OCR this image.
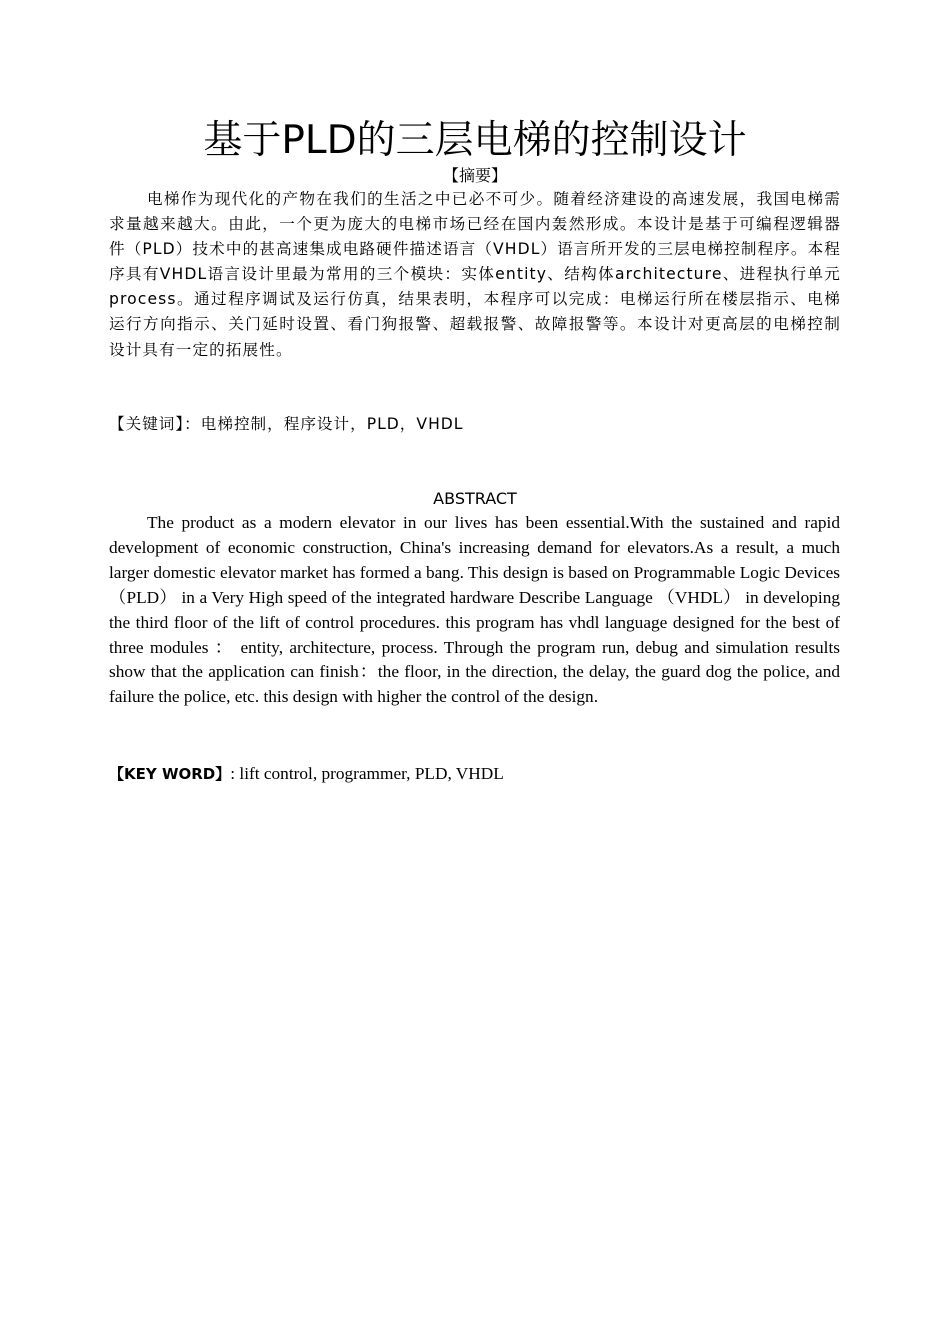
基于PLD的三层电梯的控制设计
【摘要】
电梯作为现代化的产物在我们的生活之中已必不可少。随着经济建设的高速发展，我国电梯需求量越来越大。由此，一个更为庞大的电梯市场已经在国内轰然形成。本设计是基于可编程逻辑器件（PLD）技术中的甚高速集成电路硬件描述语言（VHDL）语言所开发的三层电梯控制程序。本程序具有VHDL语言设计里最为常用的三个模块：实体entity、结构体architecture、进程执行单元process。通过程序调试及运行仿真，结果表明，本程序可以完成：电梯运行所在楼层指示、电梯运行方向指示、关门延时设置、看门狗报警、超载报警、故障报警等。本设计对更高层的电梯控制设计具有一定的拓展性。
【关键词】：电梯控制，程序设计，PLD，VHDL
ABSTRACT
The product as a modern elevator in our lives has been essential.With the sustained and rapid development of economic construction, China's increasing demand for elevators.As a result, a much larger domestic elevator market has formed a bang. This design is based on Programmable Logic Devices （PLD） in a Very High speed of the integrated hardware Describe Language （VHDL） in developing the third floor of the lift of control procedures. this program has vhdl language designed for the best of three modules ： entity, architecture, process. Through the program run, debug and simulation results show that the application can finish：the floor, in the direction, the delay, the guard dog the police, and failure the police, etc. this design with higher the control of the design.
【KEY WORD】: lift control, programmer, PLD, VHDL
